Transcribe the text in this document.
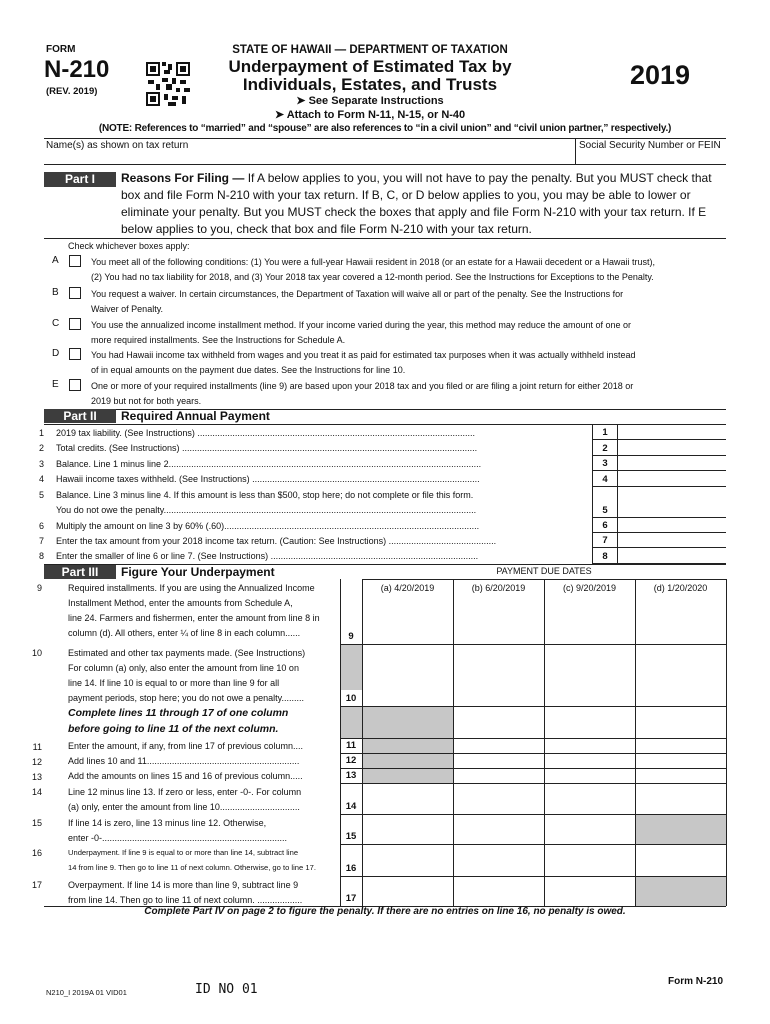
FORM
N-210
(REV. 2019)
STATE OF HAWAII — DEPARTMENT OF TAXATION
Underpayment of Estimated Tax by
Individuals, Estates, and Trusts
➤ See Separate Instructions
➤ Attach to Form N-11, N-15, or N-40
2019
(NOTE: References to “married” and “spouse” are also references to “in a civil union” and “civil union partner,” respectively.)
Name(s) as shown on tax return	Social Security Number or FEIN
Part I	Reasons For Filing — If A below applies to you, you will not have to pay the penalty. But you MUST check that box and file Form N-210 with your tax return. If B, C, or D below applies to you, you may be able to lower or eliminate your penalty. But you MUST check the boxes that apply and file Form N-210 with your tax return. If E below applies to you, check that box and file Form N-210 with your tax return.
Check whichever boxes apply:
A	You meet all of the following conditions: (1) You were a full-year Hawaii resident in 2018 (or an estate for a Hawaii decedent or a Hawaii trust),
(2) You had no tax liability for 2018, and (3) Your 2018 tax year covered a 12-month period. See the Instructions for Exceptions to the Penalty.
B	You request a waiver. In certain circumstances, the Department of Taxation will waive all or part of the penalty. See the Instructions for
Waiver of Penalty.
C	You use the annualized income installment method. If your income varied during the year, this method may reduce the amount of one or
more required installments. See the Instructions for Schedule A.
D	You had Hawaii income tax withheld from wages and you treat it as paid for estimated tax purposes when it was actually withheld instead
of in equal amounts on the payment due dates. See the Instructions for line 10.
E	One or more of your required installments (line 9) are based upon your 2018 tax and you filed or are filing a joint return for either 2018 or
2019 but not for both years.
Part II	Required Annual Payment
1 2019 tax liability. (See Instructions) ...............................................................................................................	1
2 Total credits. (See Instructions) ......................................................................................................................	2
3 Balance. Line 1 minus line 2.............................................................................................................................	3
4 Hawaii income taxes withheld. (See Instructions) ...........................................................................................	4
5 Balance. Line 3 minus line 4. If this amount is less than $500, stop here; do not complete or file this form.
You do not owe the penalty.............................................................................................................................	5
6 Multiply the amount on line 3 by 60% (.60)......................................................................................................	6
7 Enter the tax amount from your 2018 income tax return. (Caution: See Instructions) ...........................................	7
8 Enter the smaller of line 6 or line 7. (See Instructions) ...................................................................................	8
Part III	Figure Your Underpayment	PAYMENT DUE DATES
(a) 4/20/2019	(b) 6/20/2019	(c) 9/20/2019	(d) 1/20/2020
9	Required installments. If you are using the Annualized Income
Installment Method, enter the amounts from Schedule A,
line 24. Farmers and fishermen, enter the amount from line 8 in
column (d). All others, enter ¼ of line 8 in each column......	9
10	Estimated and other tax payments made. (See Instructions)
For column (a) only, also enter the amount from line 10 on
line 14. If line 10 is equal to or more than line 9 for all
payment periods, stop here; you do not owe a penalty.........	10
Complete lines 11 through 17 of one column
before going to line 11 of the next column.
11	Enter the amount, if any, from line 17 of previous column....	11
12	Add lines 10 and 11.............................................................	12
13	Add the amounts on lines 15 and 16 of previous column.....	13
14	Line 12 minus line 13. If zero or less, enter -0-. For column
(a) only, enter the amount from line 10................................	14
15	If line 14 is zero, line 13 minus line 12. Otherwise,
enter -0-..........................................................................	15
16	Underpayment. If line 9 is equal to or more than line 14, subtract line
14 from line 9. Then go to line 11 of next column. Otherwise, go to line 17.	16
17	Overpayment. If line 14 is more than line 9, subtract line 9
from line 14. Then go to line 11 of next column. ..................	17
Complete Part IV on page 2 to figure the penalty. If there are no entries on line 16, no penalty is owed.
N210_I 2019A 01 VID01	ID NO 01
Form N-210
